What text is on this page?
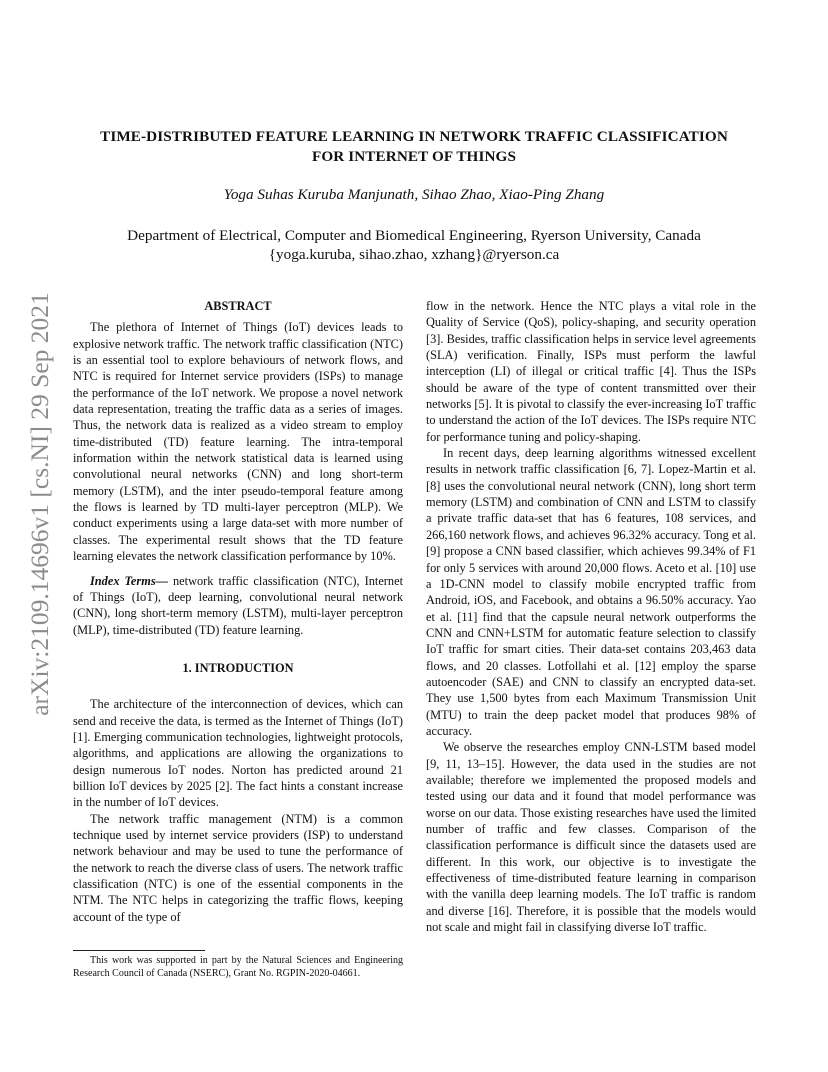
arXiv:2109.14696v1 [cs.NI] 29 Sep 2021
TIME-DISTRIBUTED FEATURE LEARNING IN NETWORK TRAFFIC CLASSIFICATION
FOR INTERNET OF THINGS
Yoga Suhas Kuruba Manjunath, Sihao Zhao, Xiao-Ping Zhang
Department of Electrical, Computer and Biomedical Engineering, Ryerson University, Canada
{yoga.kuruba, sihao.zhao, xzhang}@ryerson.ca
ABSTRACT

The plethora of Internet of Things (IoT) devices leads to explosive network traffic. The network traffic classification (NTC) is an essential tool to explore behaviours of network flows, and NTC is required for Internet service providers (ISPs) to manage the performance of the IoT network. We propose a novel network data representation, treating the traffic data as a series of images. Thus, the network data is realized as a video stream to employ time-distributed (TD) feature learning. The intra-temporal information within the network statistical data is learned using convolutional neural networks (CNN) and long short-term memory (LSTM), and the inter pseudo-temporal feature among the flows is learned by TD multi-layer perceptron (MLP). We conduct experiments using a large data-set with more number of classes. The experimental result shows that the TD feature learning elevates the network classification performance by 10%.

Index Terms— network traffic classification (NTC), Internet of Things (IoT), deep learning, convolutional neural network (CNN), long short-term memory (LSTM), multi-layer perceptron (MLP), time-distributed (TD) feature learning.

1. INTRODUCTION

The architecture of the interconnection of devices, which can send and receive the data, is termed as the Internet of Things (IoT) [1]. Emerging communication technologies, lightweight protocols, algorithms, and applications are allowing the organizations to design numerous IoT nodes. Norton has predicted around 21 billion IoT devices by 2025 [2]. The fact hints a constant increase in the number of IoT devices.

The network traffic management (NTM) is a common technique used by internet service providers (ISP) to understand network behaviour and may be used to tune the performance of the network to reach the diverse class of users. The network traffic classification (NTC) is one of the essential components in the NTM. The NTC helps in categorizing the traffic flows, keeping account of the type of

flow in the network. Hence the NTC plays a vital role in the Quality of Service (QoS), policy-shaping, and security operation [3]. Besides, traffic classification helps in service level agreements (SLA) verification. Finally, ISPs must perform the lawful interception (LI) of illegal or critical traffic [4]. Thus the ISPs should be aware of the type of content transmitted over their networks [5]. It is pivotal to classify the ever-increasing IoT traffic to understand the action of the IoT devices. The ISPs require NTC for performance tuning and policy-shaping.

In recent days, deep learning algorithms witnessed excellent results in network traffic classification [6, 7]. Lopez-Martin et al. [8] uses the convolutional neural network (CNN), long short term memory (LSTM) and combination of CNN and LSTM to classify a private traffic data-set that has 6 features, 108 services, and 266,160 network flows, and achieves 96.32% accuracy. Tong et al. [9] propose a CNN based classifier, which achieves 99.34% of F1 for only 5 services with around 20,000 flows. Aceto et al. [10] use a 1D-CNN model to classify mobile encrypted traffic from Android, iOS, and Facebook, and obtains a 96.50% accuracy. Yao et al. [11] find that the capsule neural network outperforms the CNN and CNN+LSTM for automatic feature selection to classify IoT traffic for smart cities. Their data-set contains 203,463 data flows, and 20 classes. Lotfollahi et al. [12] employ the sparse autoencoder (SAE) and CNN to classify an encrypted data-set. They use 1,500 bytes from each Maximum Transmission Unit (MTU) to train the deep packet model that produces 98% of accuracy.

We observe the researches employ CNN-LSTM based model [9, 11, 13–15]. However, the data used in the studies are not available; therefore we implemented the proposed models and tested using our data and it found that model performance was worse on our data. Those existing researches have used the limited number of traffic and few classes. Comparison of the classification performance is difficult since the datasets used are different. In this work, our objective is to investigate the effectiveness of time-distributed feature learning in comparison with the vanilla deep learning models. The IoT traffic is random and diverse [16]. Therefore, it is possible that the models would not scale and might fail in classifying diverse IoT traffic.

This work was supported in part by the Natural Sciences and Engineering Research Council of Canada (NSERC), Grant No. RGPIN-2020-04661.
